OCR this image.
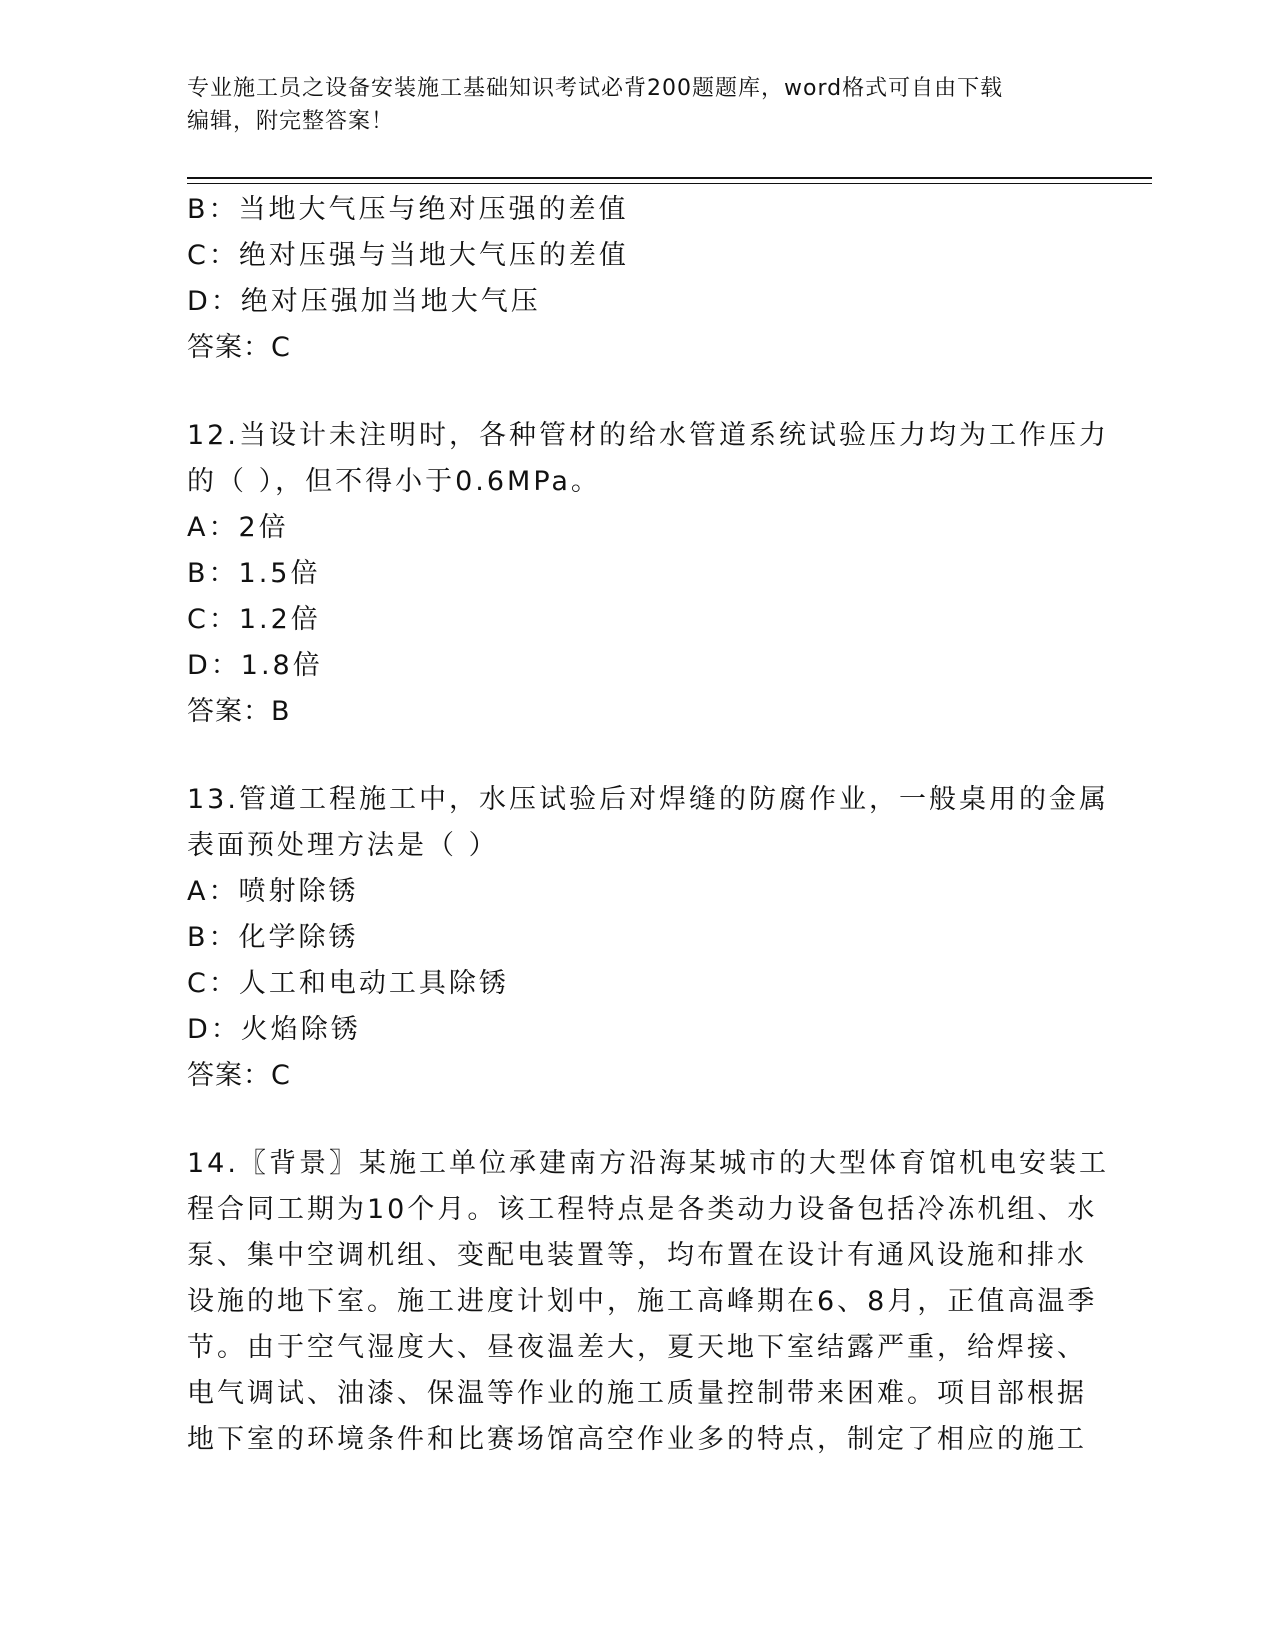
专业施工员之设备安装施工基础知识考试必背200题题库，word格式可自由下载
编辑，附完整答案！
B：当地大气压与绝对压强的差值
C：绝对压强与当地大气压的差值
D：绝对压强加当地大气压
答案：C
12.当设计未注明时，各种管材的给水管道系统试验压力均为工作压力
的（ ），但不得小于0.6MPa。
A：2倍
B：1.5倍
C：1.2倍
D：1.8倍
答案：B
13.管道工程施工中，水压试验后对焊缝的防腐作业，一般桌用的金属
表面预处理方法是（ ）
A：喷射除锈
B：化学除锈
C：人工和电动工具除锈
D：火焰除锈
答案：C
14.〖背景〗某施工单位承建南方沿海某城市的大型体育馆机电安装工
程合同工期为10个月。该工程特点是各类动力设备包括冷冻机组、水
泵、集中空调机组、变配电装置等，均布置在设计有通风设施和排水
设施的地下室。施工进度计划中，施工高峰期在6、8月，正值高温季
节。由于空气湿度大、昼夜温差大，夏天地下室结露严重，给焊接、
电气调试、油漆、保温等作业的施工质量控制带来困难。项目部根据
地下室的环境条件和比赛场馆高空作业多的特点，制定了相应的施工
